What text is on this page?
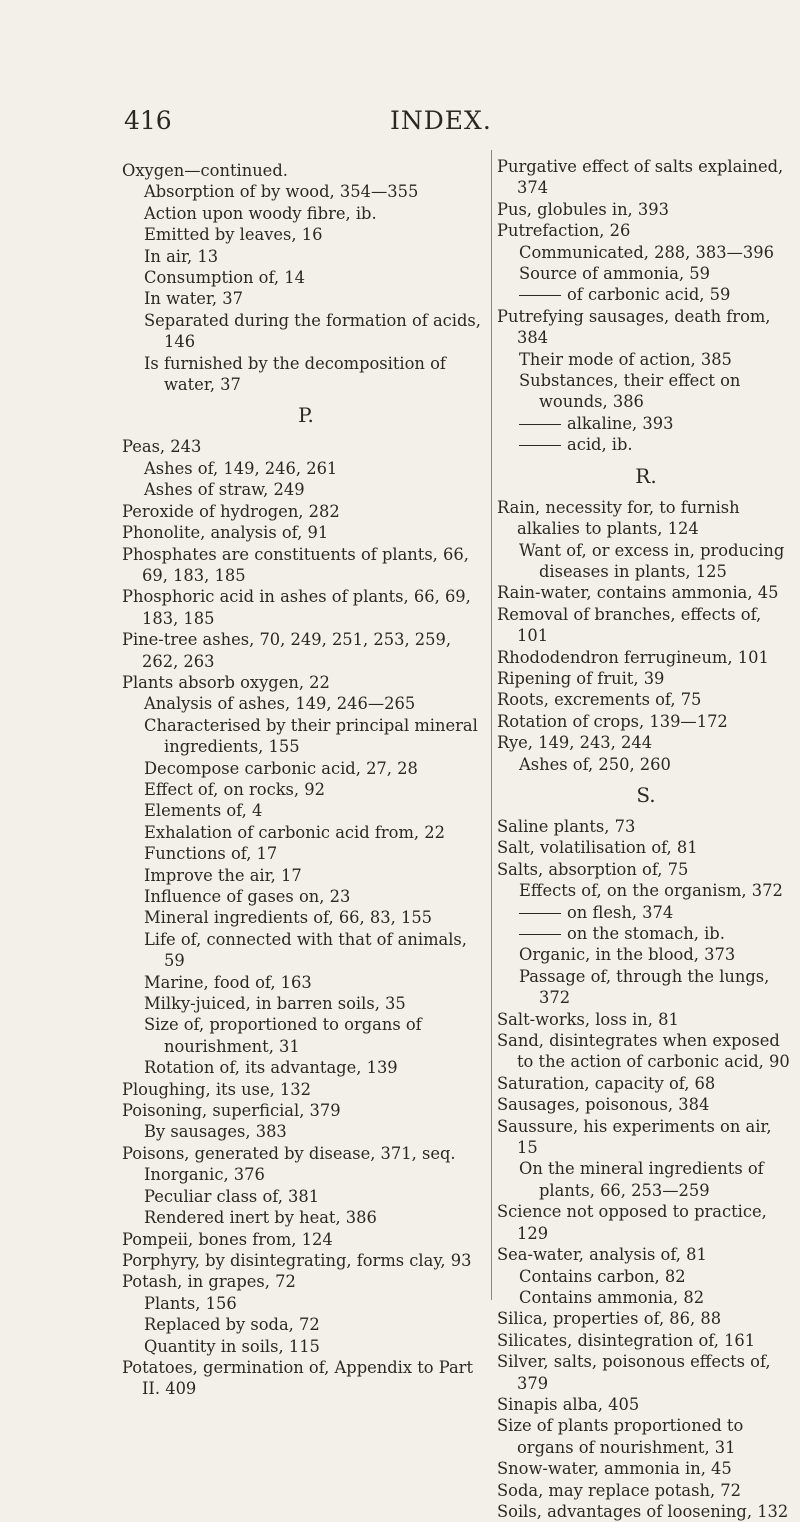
416	INDEX.

Oxygen—continued.

Absorption of by wood, 354—355

Action upon woody fibre, ib.

Emitted by leaves, 16

In air, 13

Consumption of, 14

In water, 37

Separated during the formation of acids, 146

Is furnished by the decomposition of water, 37

P.

Peas, 243

Ashes of, 149, 246, 261

Ashes of straw, 249

Peroxide of hydrogen, 282

Phonolite, analysis of, 91

Phosphates are constituents of plants, 66, 69, 183, 185

Phosphoric acid in ashes of plants, 66, 69, 183, 185

Pine-tree ashes, 70, 249, 251, 253, 259, 262, 263

Plants absorb oxygen, 22

Analysis of ashes, 149, 246—265

Characterised by their principal mineral ingredients, 155

Decompose carbonic acid, 27, 28

Effect of, on rocks, 92

Elements of, 4

Exhalation of carbonic acid from, 22

Functions of, 17

Improve the air, 17

Influence of gases on, 23

Mineral ingredients of, 66, 83, 155

Life of, connected with that of animals, 59

Marine, food of, 163

Milky-juiced, in barren soils, 35

Size of, proportioned to organs of nourishment, 31

Rotation of, its advantage, 139

Ploughing, its use, 132

Poisoning, superficial, 379

By sausages, 383

Poisons, generated by disease, 371, seq.

Inorganic, 376

Peculiar class of, 381

Rendered inert by heat, 386

Pompeii, bones from, 124

Porphyry, by disintegrating, forms clay, 93

Potash, in grapes, 72

Plants, 156

Replaced by soda, 72

Quantity in soils, 115

Potatoes, germination of, Appendix to Part II. 409

Purgative effect of salts explained, 374

Pus, globules in, 393

Putrefaction, 26

Communicated, 288, 383—396

Source of ammonia, 59

of carbonic acid, 59

Putrefying sausages, death from, 384

Their mode of action, 385

Substances, their effect on wounds, 386

alkaline, 393

acid, ib.

R.

Rain, necessity for, to furnish alkalies to plants, 124

Want of, or excess in, producing diseases in plants, 125

Rain-water, contains ammonia, 45

Removal of branches, effects of, 101

Rhododendron ferrugineum, 101

Ripening of fruit, 39

Roots, excrements of, 75

Rotation of crops, 139—172

Rye, 149, 243, 244

Ashes of, 250, 260

S.

Saline plants, 73

Salt, volatilisation of, 81

Salts, absorption of, 75

Effects of, on the organism, 372

on flesh, 374

on the stomach, ib.

Organic, in the blood, 373

Passage of, through the lungs, 372

Salt-works, loss in, 81

Sand, disintegrates when exposed to the action of carbonic acid, 90

Saturation, capacity of, 68

Sausages, poisonous, 384

Saussure, his experiments on air, 15

On the mineral ingredients of plants, 66, 253—259

Science not opposed to practice, 129

Sea-water, analysis of, 81

Contains carbon, 82

Contains ammonia, 82

Silica, properties of, 86, 88

Silicates, disintegration of, 161

Silver, salts, poisonous effects of, 379

Sinapis alba, 405

Size of plants proportioned to organs of nourishment, 31

Snow-water, ammonia in, 45

Soda, may replace potash, 72

Soils, advantages of loosening, 132
